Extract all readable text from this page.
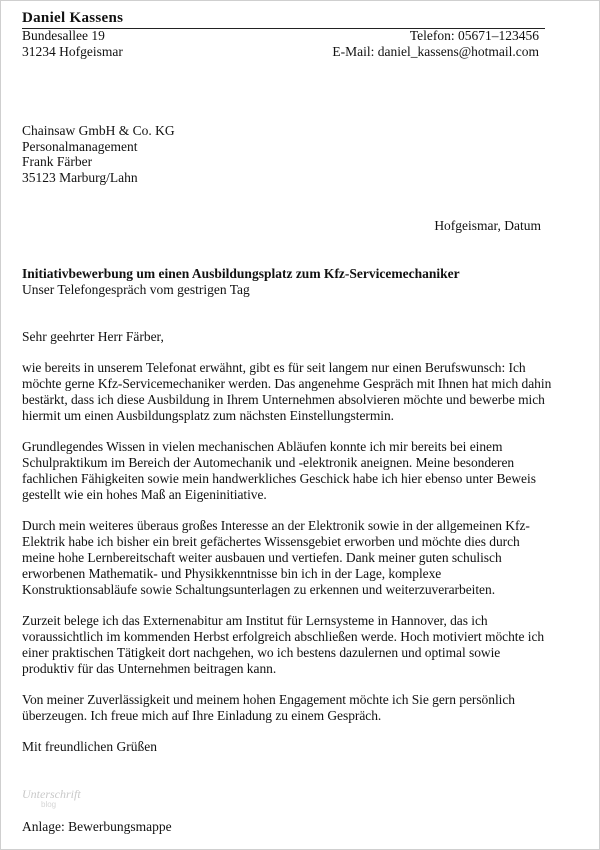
Daniel Kassens
Bundesallee 19
31234 Hofgeismar
Telefon: 05671–123456
E-Mail: daniel_kassens@hotmail.com
Chainsaw GmbH & Co. KG
Personalmanagement
Frank Färber
35123 Marburg/Lahn
Hofgeismar, Datum
Initiativbewerbung um einen Ausbildungsplatz zum Kfz-Servicemechaniker
Unser Telefongespräch vom gestrigen Tag
Sehr geehrter Herr Färber,

wie bereits in unserem Telefonat erwähnt, gibt es für seit langem nur einen Berufswunsch: Ich möchte gerne Kfz-Servicemechaniker werden. Das angenehme Gespräch mit Ihnen hat mich dahin bestärkt, dass ich diese Ausbildung in Ihrem Unternehmen absolvieren möchte und bewerbe mich hiermit um einen Ausbildungsplatz zum nächsten Einstellungstermin.

Grundlegendes Wissen in vielen mechanischen Abläufen konnte ich mir bereits bei einem Schulpraktikum im Bereich der Automechanik und -elektronik aneignen. Meine besonderen fachlichen Fähigkeiten sowie mein handwerkliches Geschick habe ich hier ebenso unter Beweis gestellt wie ein hohes Maß an Eigeninitiative.

Durch mein weiteres überaus großes Interesse an der Elektronik sowie in der allgemeinen Kfz-Elektrik habe ich bisher ein breit gefächertes Wissensgebiet erworben und möchte dies durch meine hohe Lernbereitschaft weiter ausbauen und vertiefen. Dank meiner guten schulisch erworbenen Mathematik- und Physikkenntnisse bin ich in der Lage, komplexe Konstruktionsabläufe sowie Schaltungsunterlagen zu erkennen und weiterzuverarbeiten.

Zurzeit belege ich das Externenabitur am Institut für Lernsysteme in Hannover, das ich voraussichtlich im kommenden Herbst erfolgreich abschließen werde. Hoch motiviert möchte ich einer praktischen Tätigkeit dort nachgehen, wo ich bestens dazulernen und optimal sowie produktiv für das Unternehmen beitragen kann.

Von meiner Zuverlässigkeit und meinem hohen Engagement möchte ich Sie gern persönlich überzeugen. Ich freue mich auf Ihre Einladung zu einem Gespräch.

Mit freundlichen Grüßen
Unterschrift
blog
Anlage: Bewerbungsmappe
